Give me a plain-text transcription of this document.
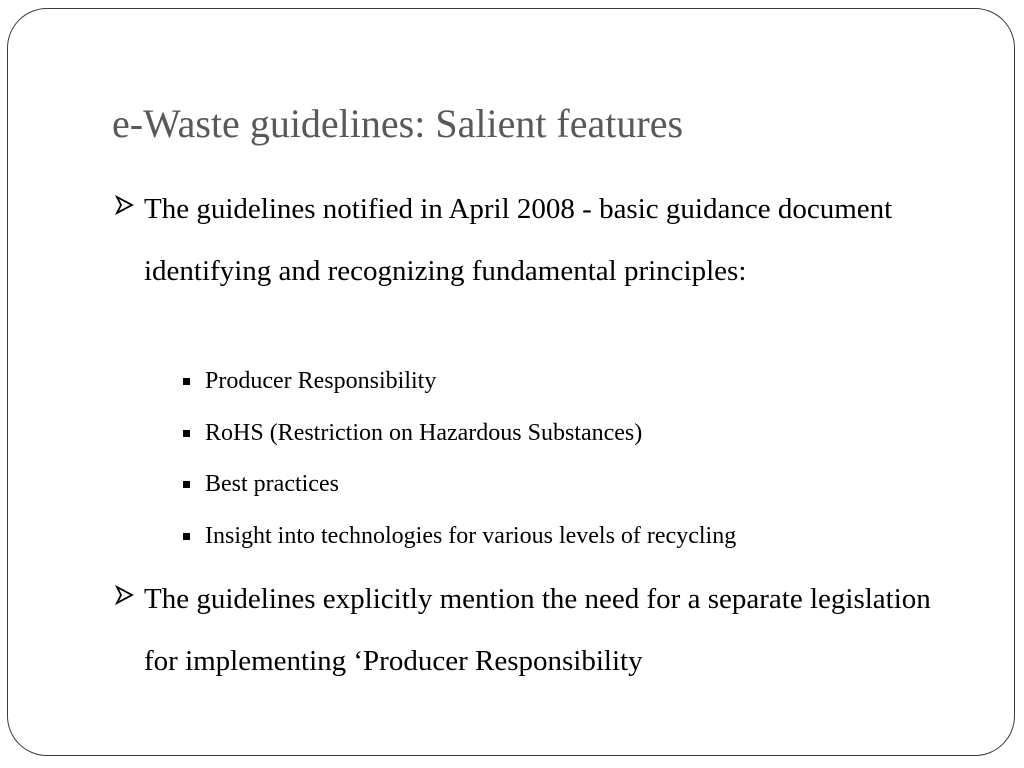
e-Waste guidelines: Salient features
The guidelines notified in April 2008 - basic guidance document identifying and recognizing fundamental principles:
Producer Responsibility
RoHS (Restriction on Hazardous Substances)
Best practices
Insight into technologies for various levels of recycling
The guidelines explicitly mention the need for a separate legislation for implementing ‘Producer Responsibility
